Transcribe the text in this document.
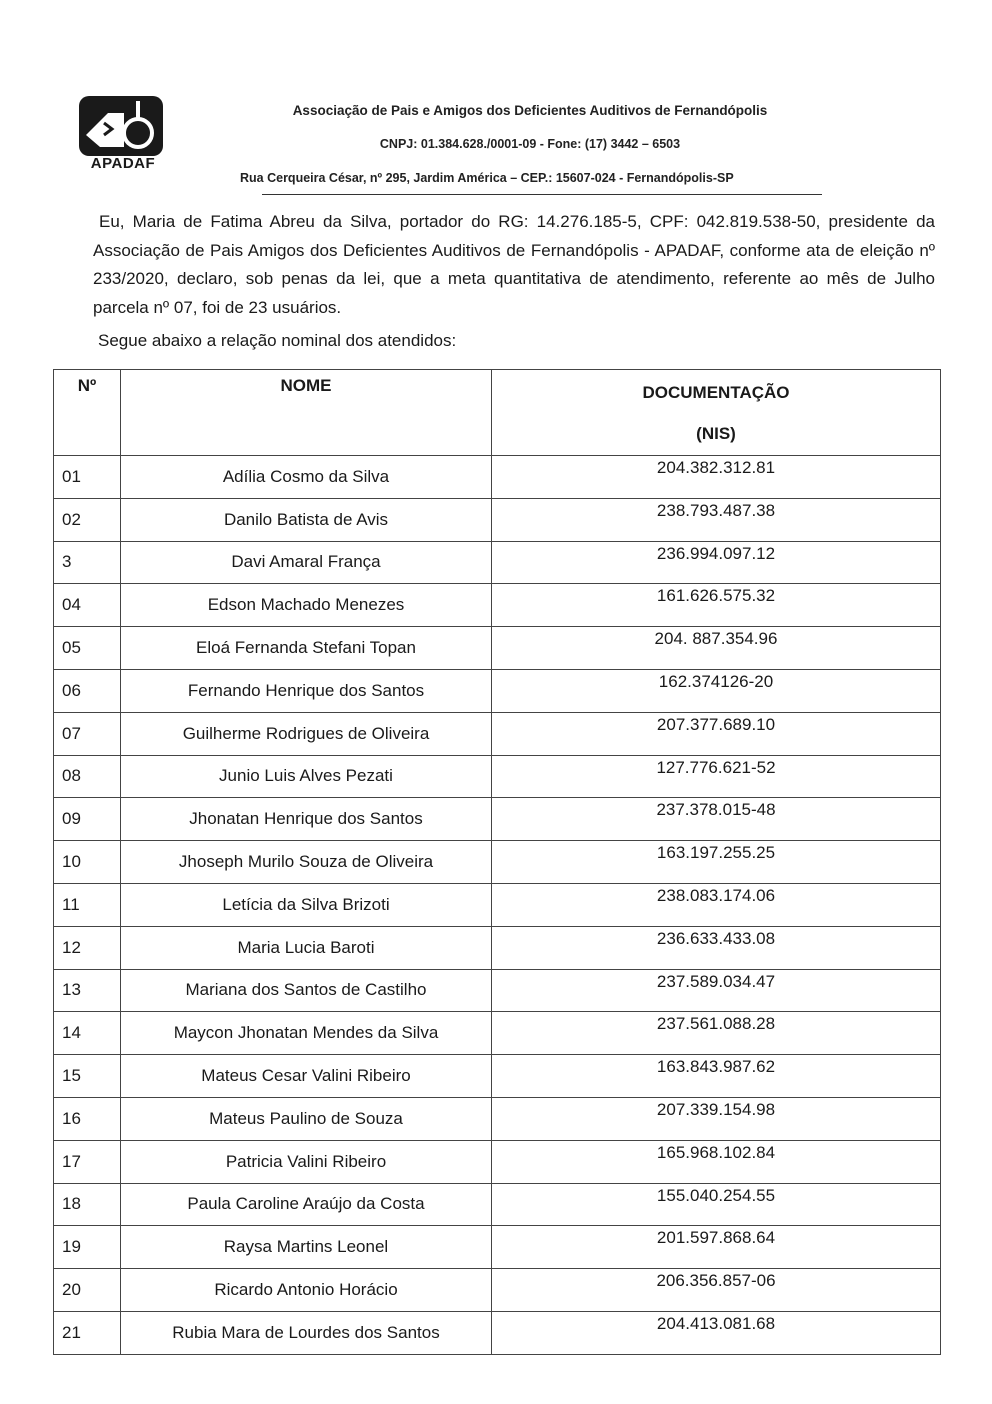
APADAF
Associação de Pais e Amigos dos Deficientes Auditivos de Fernandópolis
CNPJ: 01.384.628./0001-09 - Fone: (17) 3442 – 6503
Rua Cerqueira César, nº 295, Jardim América – CEP.: 15607-024 - Fernandópolis-SP
Eu, Maria de Fatima Abreu da Silva, portador do RG: 14.276.185-5, CPF: 042.819.538-50, presidente da Associação de Pais Amigos dos Deficientes Auditivos de Fernandópolis - APADAF, conforme ata de eleição nº 233/2020, declaro, sob penas da lei, que a meta quantitativa de atendimento, referente ao mês de Julho parcela nº 07, foi de 23 usuários.
Segue abaixo a relação nominal dos atendidos:
Nº	NOME	DOCUMENTAÇÃO
(NIS)
01	Adília Cosmo da Silva	204.382.312.81
02	Danilo Batista de Avis	238.793.487.38
3	Davi Amaral França	236.994.097.12
04	Edson Machado Menezes	161.626.575.32
05	Eloá Fernanda Stefani Topan	204. 887.354.96
06	Fernando Henrique dos Santos	162.374126-20
07	Guilherme Rodrigues de Oliveira	207.377.689.10
08	Junio Luis Alves Pezati	127.776.621-52
09	Jhonatan Henrique dos Santos	237.378.015-48
10	Jhoseph Murilo Souza de Oliveira	163.197.255.25
11	Letícia da Silva Brizoti	238.083.174.06
12	Maria Lucia Baroti	236.633.433.08
13	Mariana dos Santos de Castilho	237.589.034.47
14	Maycon Jhonatan Mendes da Silva	237.561.088.28
15	Mateus Cesar Valini Ribeiro	163.843.987.62
16	Mateus Paulino de Souza	207.339.154.98
17	Patricia Valini Ribeiro	165.968.102.84
18	Paula Caroline Araújo da Costa	155.040.254.55
19	Raysa Martins Leonel	201.597.868.64
20	Ricardo Antonio Horácio	206.356.857-06
21	Rubia Mara de Lourdes dos Santos	204.413.081.68
